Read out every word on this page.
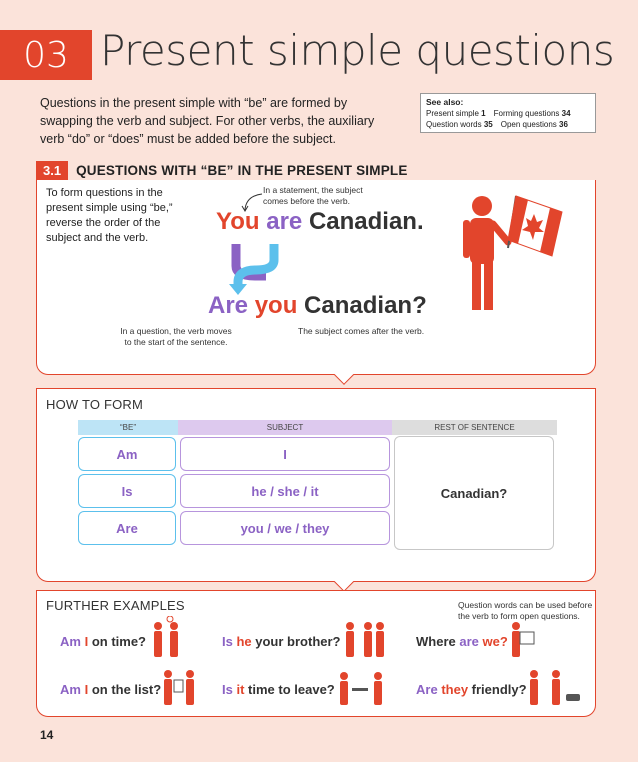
03 Present simple questions

Questions in the present simple with “be” are formed by swapping the verb and subject. For other verbs, the auxiliary verb “do” or “does” must be added before the subject.

See also:
Present simple 1 Forming questions 34
Question words 35 Open questions 36
3.1	QUESTIONS WITH “BE” IN THE PRESENT SIMPLE

To form questions in the present simple using “be,” reverse the order of the subject and the verb.

In a statement, the subject comes before the verb.
You are Canadian.
Are you Canadian?
In a question, the verb moves to the start of the sentence.
The subject comes after the verb.
HOW TO FORM
“BE”	SUBJECT	REST OF SENTENCE
Am	I
Is	he / she / it
Are	you / we / they
Canadian?
FURTHER EXAMPLES	Question words can be used before the verb to form open questions.
Am I on time?	Is he your brother?	Where are we?
Am I on the list?	Is it time to leave?	Are they friendly?
14
